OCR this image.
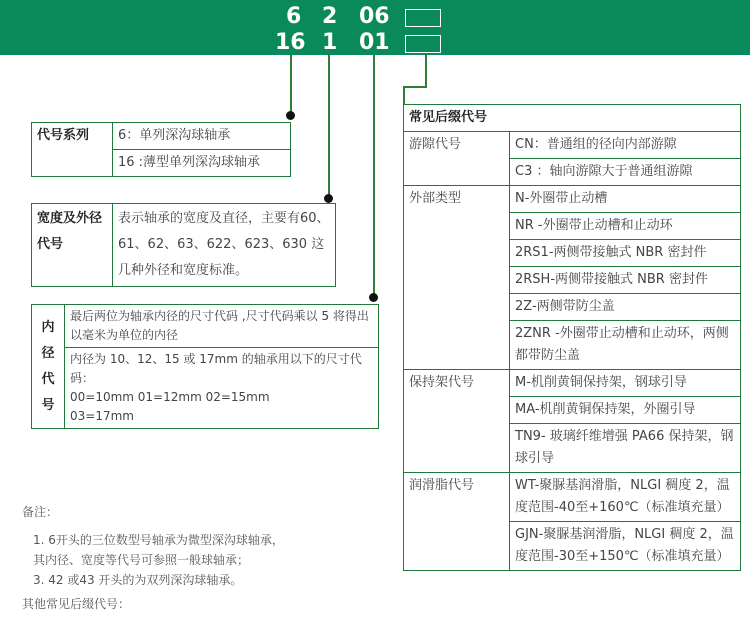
6 2 06
16 1 01
代号系列	6：单列深沟球轴承
16 :薄型单列深沟球轴承
宽度及外径代号	表示轴承的宽度及直径，主要有60、61、62、63、622、623、630 这几种外径和宽度标准。
内
径
代
号
	最后两位为轴承内径的尺寸代码 ,尺寸代码乘以 5 将得出以毫米为单位的内径

内径为 10、12、15 或 17mm 的轴承用以下的尺寸代码：
00=10mm 01=12mm 02=15mm
03=17mm
常见后缀代号	
游隙代号	CN：普通组的径向内部游隙
	C3 ：轴向游隙大于普通组游隙
外部类型	N-外圈带止动槽
	NR -外圈带止动槽和止动环
	2RS1-两侧带接触式 NBR 密封件
	2RSH-两侧带接触式 NBR 密封件
	2Z-两侧带防尘盖
	2ZNR -外圈带止动槽和止动环，两侧都带防尘盖
保持架代号	M-机削黄铜保持架，钢球引导
	MA-机削黄铜保持架，外圈引导
	TN9- 玻璃纤维增强 PA66 保持架，钢球引导
润滑脂代号	WT-聚脲基润滑脂，NLGI 稠度 2，温度范围-40至+160℃（标准填充量）
	GJN-聚脲基润滑脂，NLGI 稠度 2，温度范围-30至+150℃（标准填充量）
备注：
1. 6开头的三位数型号轴承为微型深沟球轴承，
其内径、宽度等代号可参照一般球轴承；
3. 42 或43 开头的为双列深沟球轴承。
其他常见后缀代号：
